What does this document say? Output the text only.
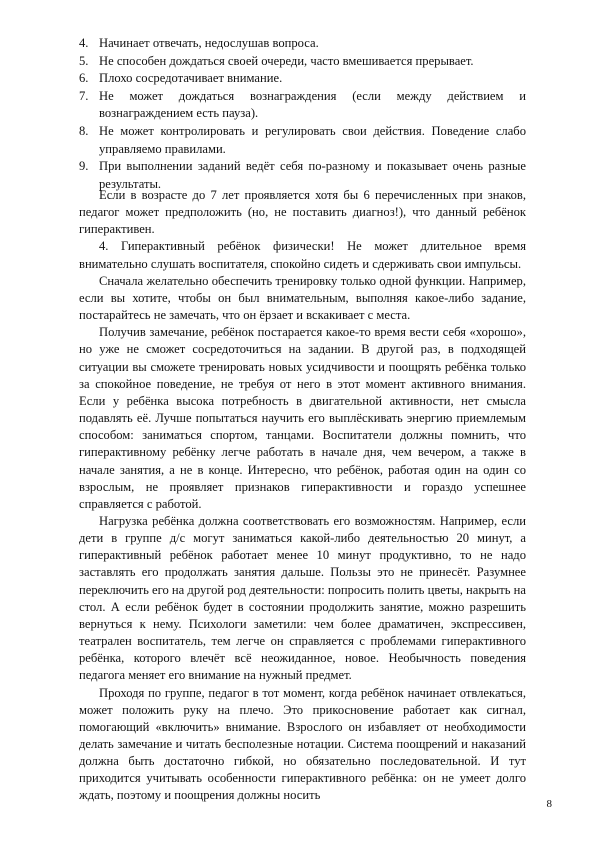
4. Начинает отвечать, недослушав вопроса.
5. Не способен дождаться своей очереди, часто вмешивается прерывает.
6. Плохо сосредотачивает внимание.
7. Не может дождаться вознаграждения (если между действием и вознаграждением есть пауза).
8. Не может контролировать и регулировать свои действия. Поведение слабо управляемо правилами.
9. При выполнении заданий ведёт себя по-разному и показывает очень разные результаты.

Если в возрасте до 7 лет проявляется хотя бы 6 перечисленных при знаков, педагог может предположить (но, не поставить диагноз!), что данный ребёнок гиперактивен.

4. Гиперактивный ребёнок физически! Не может длительное время внимательно слушать воспитателя, спокойно сидеть и сдерживать свои импульсы.

Сначала желательно обеспечить тренировку только одной функции. Например, если вы хотите, чтобы он был внимательным, выполняя какое-либо задание, постарайтесь не замечать, что он ёрзает и вскакивает с места.

Получив замечание, ребёнок постарается какое-то время вести себя «хорошо», но уже не сможет сосредоточиться на задании. В другой раз, в подходящей ситуации вы сможете тренировать новых усидчивости и поощрять ребёнка только за спокойное поведение, не требуя от него в этот момент активного внимания. Если у ребёнка высока потребность в двигательной активности, нет смысла подавлять её. Лучше попытаться научить его выплёскивать энергию приемлемым способом: заниматься спортом, танцами. Воспитатели должны помнить, что гиперактивному ребёнку легче работать в начале дня, чем вечером, а также в начале занятия, а не в конце. Интересно, что ребёнок, работая один на один со взрослым, не проявляет признаков гиперактивности и гораздо успешнее справляется с работой.

Нагрузка ребёнка должна соответствовать его возможностям. Например, если дети в группе д/с могут заниматься какой-либо деятельностью 20 минут, а гиперактивный ребёнок работает менее 10 минут продуктивно, то не надо заставлять его продолжать занятия дальше. Пользы это не принесёт. Разумнее переключить его на другой род деятельности: попросить полить цветы, накрыть на стол. А если ребёнок будет в состоянии продолжить занятие, можно разрешить вернуться к нему. Психологи заметили: чем более драматичен, экспрессивен, театрален воспитатель, тем легче он справляется с проблемами гиперактивного ребёнка, которого влечёт всё неожиданное, новое. Необычность поведения педагога меняет его внимание на нужный предмет.

Проходя по группе, педагог в тот момент, когда ребёнок начинает отвлекаться, может положить руку на плечо. Это прикосновение работает как сигнал, помогающий «включить» внимание. Взрослого он избавляет от необходимости делать замечание и читать бесполезные нотации. Система поощрений и наказаний должна быть достаточно гибкой, но обязательно последовательной. И тут приходится учитывать особенности гиперактивного ребёнка: он не умеет долго ждать, поэтому и поощрения должны носить

8
